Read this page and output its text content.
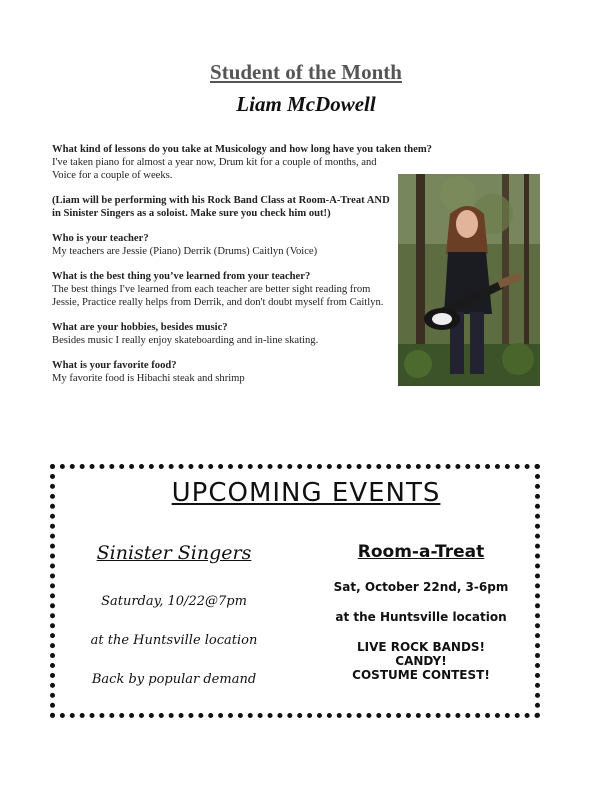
Student of the Month
Liam McDowell
What kind of lessons do you take at Musicology and how long have you taken them?
I've taken piano for almost a year now, Drum kit for a couple of months, and Voice for a couple of weeks.
(Liam will be performing with his Rock Band Class at Room-A-Treat AND in Sinister Singers as a soloist. Make sure you check him out!)
Who is your teacher?
My teachers are Jessie (Piano) Derrik (Drums) Caitlyn (Voice)
What is the best thing you’ve learned from your teacher?
The best things I've learned from each teacher are better sight reading from Jessie, Practice really helps from Derrik, and don't doubt myself from Caitlyn.
What are your hobbies, besides music?
Besides music I really enjoy skateboarding and in-line skating.
What is your favorite food?
My favorite food is Hibachi steak and shrimp
UPCOMING EVENTS
Sinister Singers
Saturday, 10/22@7pm
at the Huntsville location
Back by popular demand
Room-a-Treat
Sat, October 22nd, 3-6pm
at the Huntsville location
LIVE ROCK BANDS!
CANDY!
COSTUME CONTEST!
